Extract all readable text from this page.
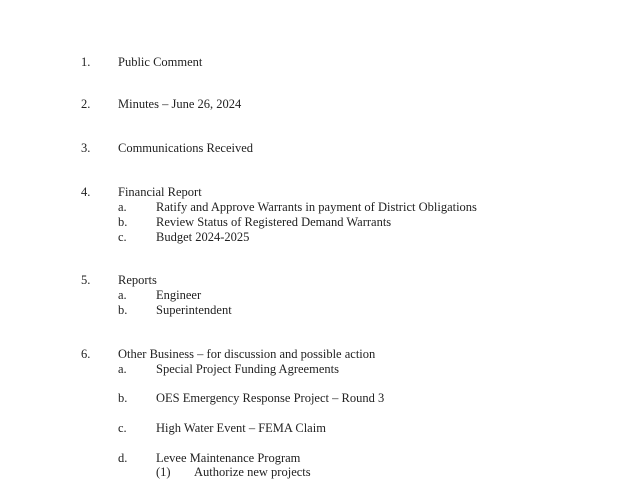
1. Public Comment
2. Minutes – June 26, 2024
3. Communications Received
4. Financial Report
a. Ratify and Approve Warrants in payment of District Obligations
b. Review Status of Registered Demand Warrants
c. Budget 2024-2025
5. Reports
a. Engineer
b. Superintendent
6. Other Business – for discussion and possible action
a. Special Project Funding Agreements
b. OES Emergency Response Project – Round 3
c. High Water Event – FEMA Claim
d. Levee Maintenance Program
(1) Authorize new projects
